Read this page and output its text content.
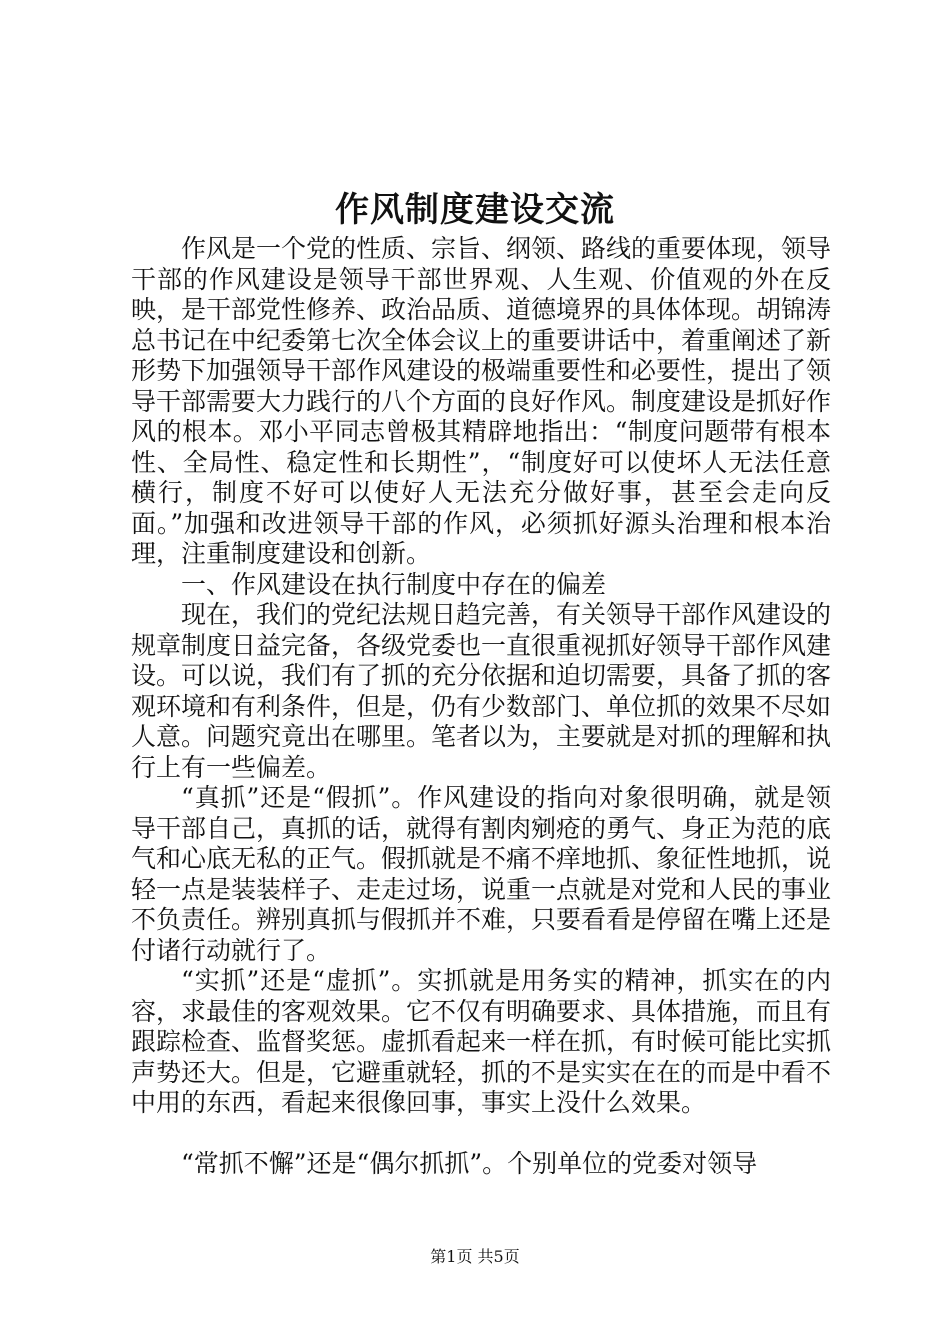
作风制度建设交流

作风是一个党的性质、宗旨、纲领、路线的重要体现，领导干部的作风建设是领导干部世界观、人生观、价值观的外在反映，是干部党性修养、政治品质、道德境界的具体体现。胡锦涛总书记在中纪委第七次全体会议上的重要讲话中，着重阐述了新形势下加强领导干部作风建设的极端重要性和必要性，提出了领导干部需要大力践行的八个方面的良好作风。制度建设是抓好作风的根本。邓小平同志曾极其精辟地指出：“制度问题带有根本性、全局性、稳定性和长期性”，“制度好可以使坏人无法任意横行，制度不好可以使好人无法充分做好事，甚至会走向反面。”加强和改进领导干部的作风，必须抓好源头治理和根本治理，注重制度建设和创新。

一、作风建设在执行制度中存在的偏差

现在，我们的党纪法规日趋完善，有关领导干部作风建设的规章制度日益完备，各级党委也一直很重视抓好领导干部作风建设。可以说，我们有了抓的充分依据和迫切需要，具备了抓的客观环境和有利条件，但是，仍有少数部门、单位抓的效果不尽如人意。问题究竟出在哪里。笔者以为，主要就是对抓的理解和执行上有一些偏差。

“真抓”还是“假抓”。作风建设的指向对象很明确，就是领导干部自己，真抓的话，就得有割肉剜疮的勇气、身正为范的底气和心底无私的正气。假抓就是不痛不痒地抓、象征性地抓，说轻一点是装装样子、走走过场，说重一点就是对党和人民的事业不负责任。辨别真抓与假抓并不难，只要看看是停留在嘴上还是付诸行动就行了。

“实抓”还是“虚抓”。实抓就是用务实的精神，抓实在的内容，求最佳的客观效果。它不仅有明确要求、具体措施，而且有跟踪检查、监督奖惩。虚抓看起来一样在抓，有时候可能比实抓声势还大。但是，它避重就轻，抓的不是实实在在的而是中看不中用的东西，看起来很像回事，事实上没什么效果。

“常抓不懈”还是“偶尔抓抓”。个别单位的党委对领导

第1页 共5页
